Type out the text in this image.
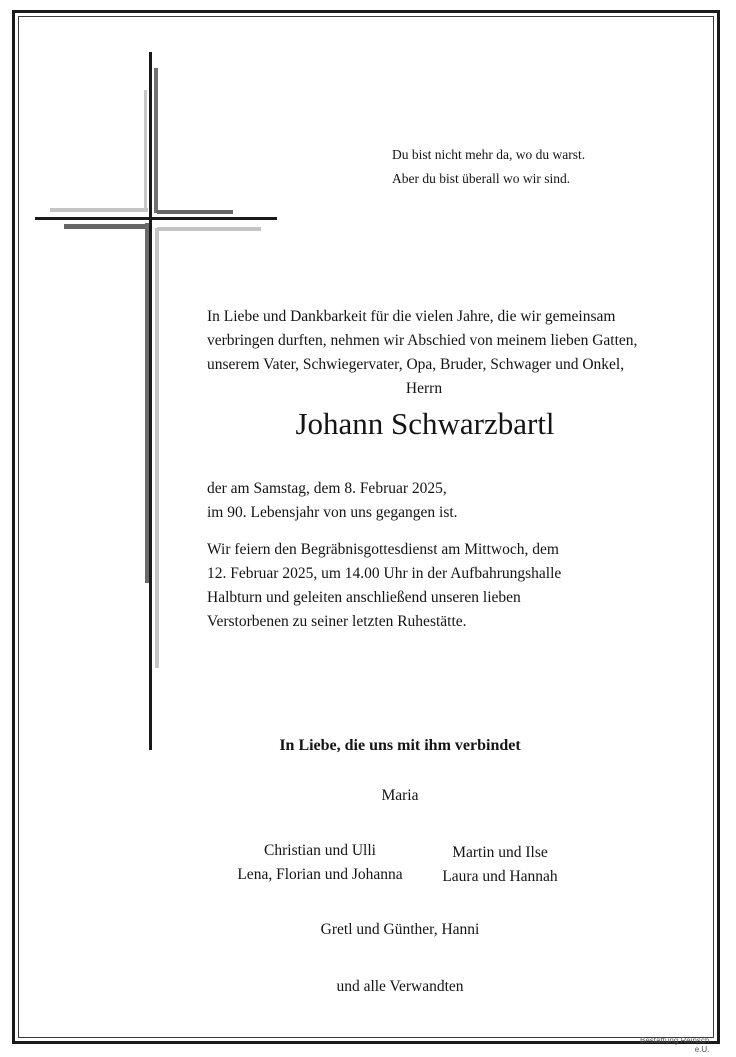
Du bist nicht mehr da, wo du warst.
Aber du bist überall wo wir sind.
In Liebe und Dankbarkeit für die vielen Jahre, die wir gemeinsam
verbringen durften, nehmen wir Abschied von meinem lieben Gatten,
unserem Vater, Schwiegervater, Opa, Bruder, Schwager und Onkel,
Herrn
Johann Schwarzbartl
der am Samstag, dem 8. Februar 2025,
im 90. Lebensjahr von uns gegangen ist.
Wir feiern den Begräbnisgottesdienst am Mittwoch, dem
12. Februar 2025, um 14.00 Uhr in der Aufbahrungshalle
Halbturn und geleiten anschließend unseren lieben
Verstorbenen zu seiner letzten Ruhestätte.
In Liebe, die uns mit ihm verbindet
Maria
Christian und Ulli
Lena, Florian und Johanna
Martin und Ilse
Laura und Hannah
Gretl und Günther, Hanni
und alle Verwandten
Bestattung Reinsch
e.U.
